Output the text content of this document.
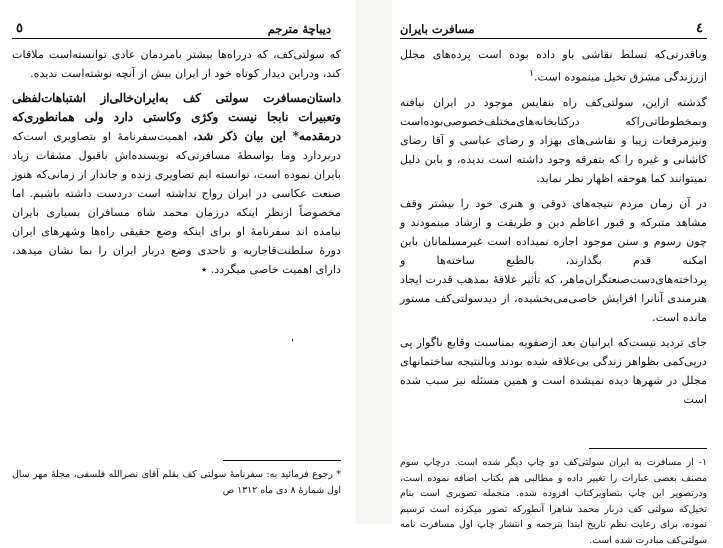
دیباچهٔ مترجم
٥

که سولتی‌کف، که درراه‌ها بیشتر بامردمان عادی توانسته‌است ملاقات کند، ودراین دیدار کوتاه خود از ایران بیش از آنچه نوشته‌است ندیده.

داستان‌مسافرت سولتی کف به‌ایران‌خالی‌از اشتباهات‌لفظی وتعبیرات نابجا نیست وکژی وکاستی دارد ولی همانطوری‌که درمقدمه* این بیان ذکر شد، اهمیت‌سفرنامهٔ او بتصاویری است‌که دربردارد وما بواسطهٔ مسافرتی‌که نویسنده‌اش باقبول مشقات زیاد بایران نموده است، توانسته ایم تصاویری زنده و جاندار از زمانی‌که هنوز صنعت عکاسی در ایران رواج نداشته است دردست داشته باشیم. اما مخصوصاً ازنظر اینکه درزمان محمد شاه مسافران بسیاری بایران نیامده اند سفرنامهٔ او برای اینکه وضع حقیقی راه‌ها وشهرهای ایران دورهٔ سلطنت‌قاجاریه و تاحدی وضع دربار ایران را بما نشان میدهد، دارای اهمیت خاصی میگردد. ٭

ˌ
* رجوع فرمائید به: سفرنامهٔ سولتی کف بقلم آقای نصرالله فلسفی، مجلهٔ مهر سال اول شمارهٔ ۸ دی ماه ۱۳۱۲ ص
٤
مسافرت بایران

وباقدرتی‌که تسلط نقاشی باو داده بوده است پرده‌های مجلل ازززندگی مشرق تخیل مینموده است.$^١$

گذشته ازاین، سولتی‌کف راه بنفایس موجود در ایران نیافته وبمخطوطاتی‌راکه درکتابخانه‌های‌مختلف‌خصوصی‌بوده‌است ونیزمرقعات زیبا و نقاشی‌های بهزاد و رضای عباسی و آقا رضای کاشانی و غیره را که بتفرقه وجود داشته است ندیده، و باین دلیل نمیتوانند کما هوحقه اظهار نظر نماید.

در آن زمان مردم نتیجه‌های ذوقی و هنری خود را بیشتر وقف مشاهد متبرکه و قبور اعاظم دین و طریقت و ارشاد مینمودند و چون رسوم و سنن موجود اجازه نمیداده است غیرمسلمانان باین امکنه قدم بگذارند، بالطبع ساخته‌ها و پرداخته‌های‌دست‌صنعتگران‌ماهر، که تأثیر علاقهٔ بمذهب قدرت ایجاد هنرمندی آنانرا افزایش خاصی‌می‌بخشیده، از دیدسولتی‌کف مستور مانده است.

جای تردید نیست‌که ایرانیان بعد ازصفویه بمناسبت وقایع ناگوار پی درپی‌کمی بظواهر زندگی بی‌علاقه شده بودند وبالنتیجه ساختمانهای مجلل در شهرها دیده نمیشده است و همین مسئله نیز سبب شده است

١- از مسافرت به ایران سولتی‌کف دو چاپ دیگر شده است. درچاپ سوم مصنف بعضی عبارات را تغییر داده و مطالبی هم بکتاب اضافه نموده است، ودرتصویر این چاپ بتصاویرکتاب افزوده شده. منجمله تصویری است بنام تخیل‌که سولتی کف دربار محمد شاهرا آنطورکه تصور میکرده است ترسیم نموده. برای رعایت نظم تاریخ ابتدا بترجمه و انتشار چاپ اول مسافرت نامه سولتی‌کف مبادرت شده است.
